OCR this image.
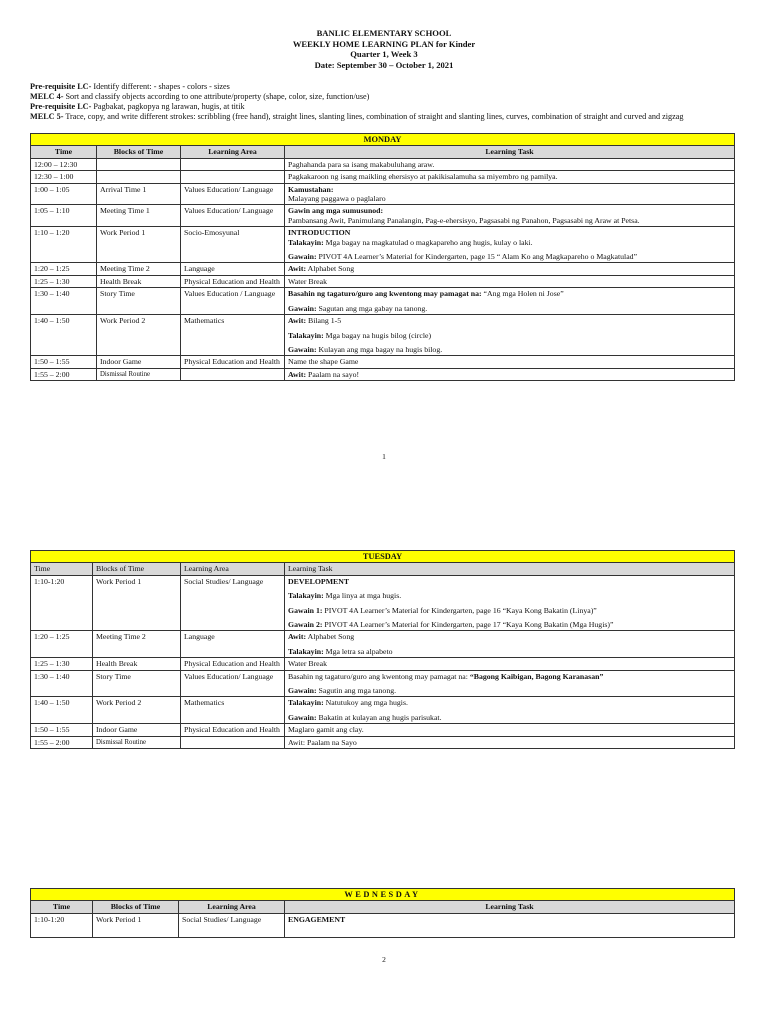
BANLIC ELEMENTARY SCHOOL
WEEKLY HOME LEARNING PLAN for Kinder
Quarter 1, Week 3
Date: September 30 – October 1, 2021
Pre-requisite LC- Identify different: - shapes - colors - sizes
MELC 4- Sort and classify objects according to one attribute/property (shape, color, size, function/use)
Pre-requisite LC- Pagbakat, pagkopya ng larawan, hugis, at titik
MELC 5- Trace, copy, and write different strokes: scribbling (free hand), straight lines, slanting lines, combination of straight and slanting lines, curves, combination of straight and curved and zigzag
MONDAY			
Time	Blocks of Time	Learning Area	Learning Task
12:00 – 12:30			Paghahanda para sa isang makabuluhang araw.
12:30 – 1:00			Pagkakaroon ng isang maikling ehersisyo at pakikisalamuha sa miyembro ng pamilya.
1:00 – 1:05	Arrival Time 1	Values Education/ Language	Kamustahan:
Malayang paggawa o paglalaro

1:05 – 1:10	Meeting Time 1	Values Education/ Language	Gawin ang mga sumusunod:
Pambansang Awit, Panimulang Panalangin, Pag-e-ehersisyo, Pagsasabi ng Panahon, Pagsasabi ng Araw at Petsa.

1:10 – 1:20	Work Period 1	Socio-Emosyunal	INTRODUCTION
Talakayin: Mga bagay na magkatulad o magkapareho ang hugis, kulay o laki.
Gawain: PIVOT 4A Learner’s Material for Kindergarten, page 15 “ Alam Ko ang Magkapareho o Magkatulad”

1:20 – 1:25	Meeting Time 2	Language	Awit: Alphabet Song
1:25 – 1:30	Health Break	Physical Education and Health	Water Break
1:30 – 1:40	Story Time	Values Education / Language	Basahin ng tagaturo/guro ang kwentong may pamagat na: “Ang mga Holen ni Jose”
Gawain: Sagutan ang mga gabay na tanong.

1:40 – 1:50	Work Period 2	Mathematics	Awit: Bilang 1-5
Talakayin: Mga bagay na hugis bilog (circle)
Gawain: Kulayan ang mga bagay na hugis bilog.

1:50 – 1:55	Indoor Game	Physical Education and Health	Name the shape Game
1:55 – 2:00	Dismissal Routine		Awit: Paalam na sayo!
1
TUESDAY			
Time	Blocks of Time	Learning Area	Learning Task
1:10-1:20	Work Period 1	Social Studies/ Language	DEVELOPMENT
Talakayin: Mga linya at mga hugis.
Gawain 1: PIVOT 4A Learner’s Material for Kindergarten, page 16 “Kaya Kong Bakatin (Linya)”
Gawain 2: PIVOT 4A Learner’s Material for Kindergarten, page 17 “Kaya Kong Bakatin (Mga Hugis)”

1:20 – 1:25	Meeting Time 2	Language	Awit: Alphabet Song
Talakayin: Mga letra sa alpabeto

1:25 – 1:30	Health Break	Physical Education and Health	Water Break
1:30 – 1:40	Story Time	Values Education/ Language	Basahin ng tagaturo/guro ang kwentong may pamagat na: “Bagong Kaibigan, Bagong Karanasan”
Gawain: Sagutin ang mga tanong.

1:40 – 1:50	Work Period 2	Mathematics	Talakayin: Natutukoy ang mga hugis.
Gawain: Bakatin at kulayan ang hugis parisukat.

1:50 – 1:55	Indoor Game	Physical Education and Health	Maglaro gamit ang clay.
1:55 – 2:00	Dismissal Routine		Awit: Paalam na Sayo
WEDNESDAY			
Time	Blocks of Time	Learning Area	Learning Task
1:10-1:20	Work Period 1	Social Studies/ Language	ENGAGEMENT
2
